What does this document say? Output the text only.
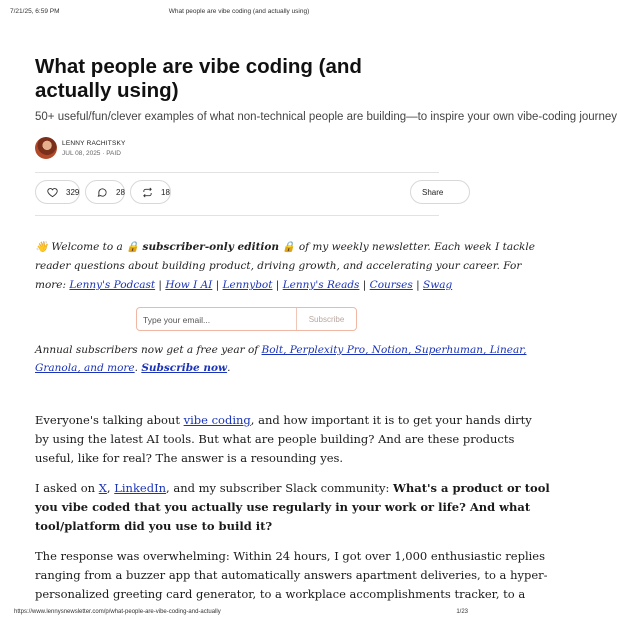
7/21/25, 6:59 PM	What people are vibe coding (and actually using)
What people are vibe coding (and actually using)
50+ useful/fun/clever examples of what non-technical people are building—to inspire your own vibe-coding journey
LENNY RACHITSKY
JUL 08, 2025 · PAID
329	28	18	Share

👋 Welcome to a 🔒 subscriber-only edition 🔒 of my weekly newsletter. Each week I tackle
reader questions about building product, driving growth, and accelerating your career. For
more: Lenny's Podcast | How I AI | Lennybot | Lenny's Reads | Courses | Swag

Type your email...
Subscribe

Annual subscribers now get a free year of Bolt, Perplexity Pro, Notion, Superhuman, Linear,
Granola, and more. Subscribe now.

Everyone's talking about vibe coding, and how important it is to get your hands dirty
by using the latest AI tools. But what are people building? And are these products
useful, like for real? The answer is a resounding yes.

I asked on X, LinkedIn, and my subscriber Slack community: What's a product or tool
you vibe coded that you actually use regularly in your work or life? And what
tool/platform did you use to build it?

The response was overwhelming: Within 24 hours, I got over 1,000 enthusiastic replies
ranging from a buzzer app that automatically answers apartment deliveries, to a hyper-
personalized greeting card generator, to a workplace accomplishments tracker, to a

https://www.lennysnewsletter.com/p/what-people-are-vibe-coding-and-actually	1/23
